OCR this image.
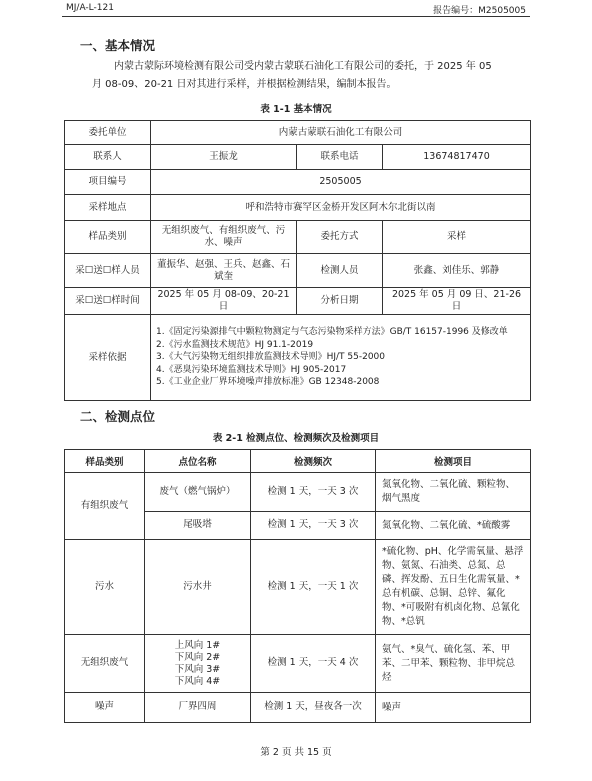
MJ/A-L-121	报告编号：M2505005
一、基本情况

内蒙古蒙际环境检测有限公司受内蒙古蒙联石油化工有限公司的委托，于 2025 年 05
月 08-09、20-21 日对其进行采样，并根据检测结果，编制本报告。

表 1-1 基本情况
委托单位	内蒙古蒙联石油化工有限公司		
联系人	王振龙	联系电话	13674817470
项目编号	2505005		
采样地点	呼和浩特市赛罕区金桥开发区阿木尔北街以南		
样品类别	无组织废气、有组织废气、污水、噪声	委托方式	采样
采☐送☐样人员	董振华、赵强、王兵、赵鑫、石斌奎	检测人员	张鑫、刘佳乐、郭静
采☐送☐样时间	2025 年 05 月 08-09、20-21 日	分析日期	2025 年 05 月 09 日、21-26 日
采样依据	1.《固定污染源排气中颗粒物测定与气态污染物采样方法》GB/T 16157-1996 及修改单
2.《污水监测技术规范》HJ 91.1-2019
3.《大气污染物无组织排放监测技术导则》HJ/T 55-2000
4.《恶臭污染环境监测技术导则》HJ 905-2017
5.《工业企业厂界环境噪声排放标准》GB 12348-2008		
二、检测点位
表 2-1 检测点位、检测频次及检测项目
样品类别	点位名称	检测频次	检测项目
有组织废气	废气（燃气锅炉）	检测 1 天，一天 3 次	氮氧化物、二氧化硫、颗粒物、烟气黑度
	尾吸塔	检测 1 天，一天 3 次	氮氧化物、二氧化硫、*硫酸雾
污水	污水井	检测 1 天，一天 1 次	*硫化物、pH、化学需氧量、悬浮物、氨氮、石油类、总氮、总磷、挥发酚、五日生化需氧量、*总有机碳、总铜、总锌、氟化物、*可吸附有机卤化物、总氰化物、*总钒
无组织废气	上风向 1#
下风向 2#
下风向 3#
下风向 4#	检测 1 天，一天 4 次	氨气、*臭气、硫化氢、苯、甲苯、二甲苯、颗粒物、非甲烷总烃
噪声	厂界四周	检测 1 天，昼夜各一次	噪声
第 2 页 共 15 页
